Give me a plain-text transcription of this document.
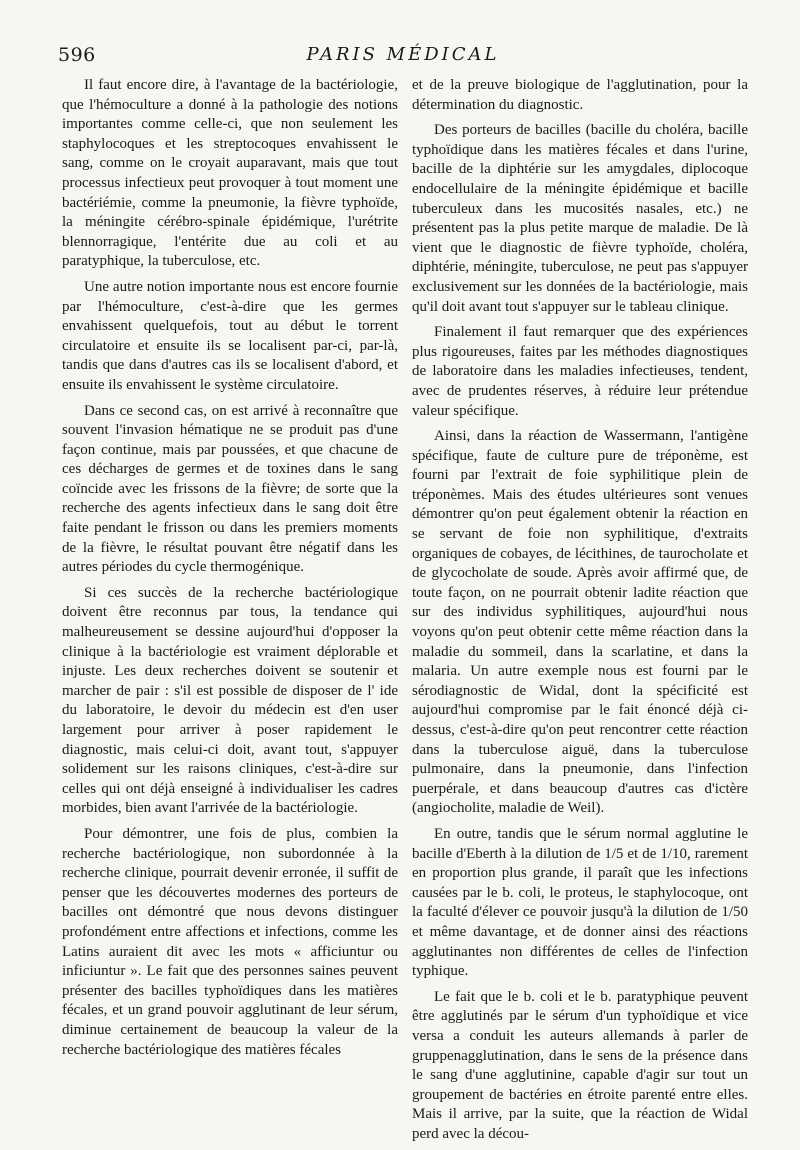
596	PARIS MÉDICAL

Il faut encore dire, à l'avantage de la bactériologie, que l'hémoculture a donné à la pathologie des notions importantes comme celle-ci, que non seulement les staphylocoques et les streptocoques envahissent le sang, comme on le croyait auparavant, mais que tout processus infectieux peut provoquer à tout moment une bactériémie, comme la pneumonie, la fièvre typhoïde, la méningite cérébro-spinale épidémique, l'urétrite blennorragique, l'entérite due au coli et au paratyphique, la tuberculose, etc.

Une autre notion importante nous est encore fournie par l'hémoculture, c'est-à-dire que les germes envahissent quelquefois, tout au début le torrent circulatoire et ensuite ils se localisent par-ci, par-là, tandis que dans d'autres cas ils se localisent d'abord, et ensuite ils envahissent le système circulatoire.

Dans ce second cas, on est arrivé à reconnaître que souvent l'invasion hématique ne se produit pas d'une façon continue, mais par poussées, et que chacune de ces décharges de germes et de toxines dans le sang coïncide avec les frissons de la fièvre; de sorte que la recherche des agents infectieux dans le sang doit être faite pendant le frisson ou dans les premiers moments de la fièvre, le résultat pouvant être négatif dans les autres périodes du cycle thermogénique.

Si ces succès de la recherche bactériologique doivent être reconnus par tous, la tendance qui malheureusement se dessine aujourd'hui d'opposer la clinique à la bactériologie est vraiment déplorable et injuste. Les deux recherches doivent se soutenir et marcher de pair : s'il est possible de disposer de l' ide du laboratoire, le devoir du médecin est d'en user largement pour arriver à poser rapidement le diagnostic, mais celui-ci doit, avant tout, s'appuyer solidement sur les raisons cliniques, c'est-à-dire sur celles qui ont déjà enseigné à individualiser les cadres morbides, bien avant l'arrivée de la bactériologie.

Pour démontrer, une fois de plus, combien la recherche bactériologique, non subordonnée à la recherche clinique, pourrait devenir erronée, il suffit de penser que les découvertes modernes des porteurs de bacilles ont démontré que nous devons distinguer profondément entre affections et infections, comme les Latins auraient dit avec les mots « afficiuntur ou inficiuntur ». Le fait que des personnes saines peuvent présenter des bacilles typhoïdiques dans les matières fécales, et un grand pouvoir agglutinant de leur sérum, diminue certainement de beaucoup la valeur de la recherche bactériologique des matières fécales

et de la preuve biologique de l'agglutination, pour la détermination du diagnostic.

Des porteurs de bacilles (bacille du choléra, bacille typhoïdique dans les matières fécales et dans l'urine, bacille de la diphtérie sur les amygdales, diplocoque endocellulaire de la méningite épidémique et bacille tuberculeux dans les mucosités nasales, etc.) ne présentent pas la plus petite marque de maladie. De là vient que le diagnostic de fièvre typhoïde, choléra, diphtérie, méningite, tuberculose, ne peut pas s'appuyer exclusivement sur les données de la bactériologie, mais qu'il doit avant tout s'appuyer sur le tableau clinique.

Finalement il faut remarquer que des expériences plus rigoureuses, faites par les méthodes diagnostiques de laboratoire dans les maladies infectieuses, tendent, avec de prudentes réserves, à réduire leur prétendue valeur spécifique.

Ainsi, dans la réaction de Wassermann, l'antigène spécifique, faute de culture pure de tréponème, est fourni par l'extrait de foie syphilitique plein de tréponèmes. Mais des études ultérieures sont venues démontrer qu'on peut également obtenir la réaction en se servant de foie non syphilitique, d'extraits organiques de cobayes, de lécithines, de taurocholate et de glycocholate de soude. Après avoir affirmé que, de toute façon, on ne pourrait obtenir ladite réaction que sur des individus syphilitiques, aujourd'hui nous voyons qu'on peut obtenir cette même réaction dans la maladie du sommeil, dans la scarlatine, et dans la malaria. Un autre exemple nous est fourni par le sérodiagnostic de Widal, dont la spécificité est aujourd'hui compromise par le fait énoncé déjà ci-dessus, c'est-à-dire qu'on peut rencontrer cette réaction dans la tuberculose aiguë, dans la tuberculose pulmonaire, dans la pneumonie, dans l'infection puerpérale, et dans beaucoup d'autres cas d'ictère (angiocholite, maladie de Weil).

En outre, tandis que le sérum normal agglutine le bacille d'Eberth à la dilution de 1/5 et de 1/10, rarement en proportion plus grande, il paraît que les infections causées par le b. coli, le proteus, le staphylocoque, ont la faculté d'élever ce pouvoir jusqu'à la dilution de 1/50 et même davantage, et de donner ainsi des réactions agglutinantes non différentes de celles de l'infection typhique.

Le fait que le b. coli et le b. paratyphique peuvent être agglutinés par le sérum d'un typhoïdique et vice versa a conduit les auteurs allemands à parler de gruppenagglutination, dans le sens de la présence dans le sang d'une agglutinine, capable d'agir sur tout un groupement de bactéries en étroite parenté entre elles. Mais il arrive, par la suite, que la réaction de Widal perd avec la décou-
